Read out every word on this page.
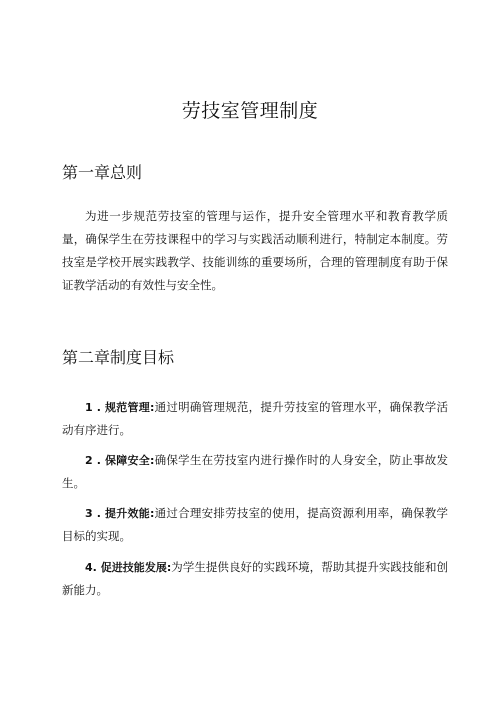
劳技室管理制度
第一章总则

为进一步规范劳技室的管理与运作，提升安全管理水平和教育教学质量，确保学生在劳技课程中的学习与实践活动顺利进行，特制定本制度。劳技室是学校开展实践教学、技能训练的重要场所，合理的管理制度有助于保证教学活动的有效性与安全性。

第二章制度目标

1 . 规范管理:通过明确管理规范，提升劳技室的管理水平，确保教学活动有序进行。

2 . 保障安全:确保学生在劳技室内进行操作时的人身安全，防止事故发生。

3 . 提升效能:通过合理安排劳技室的使用，提高资源利用率，确保教学目标的实现。

4. 促进技能发展:为学生提供良好的实践环境，帮助其提升实践技能和创新能力。
